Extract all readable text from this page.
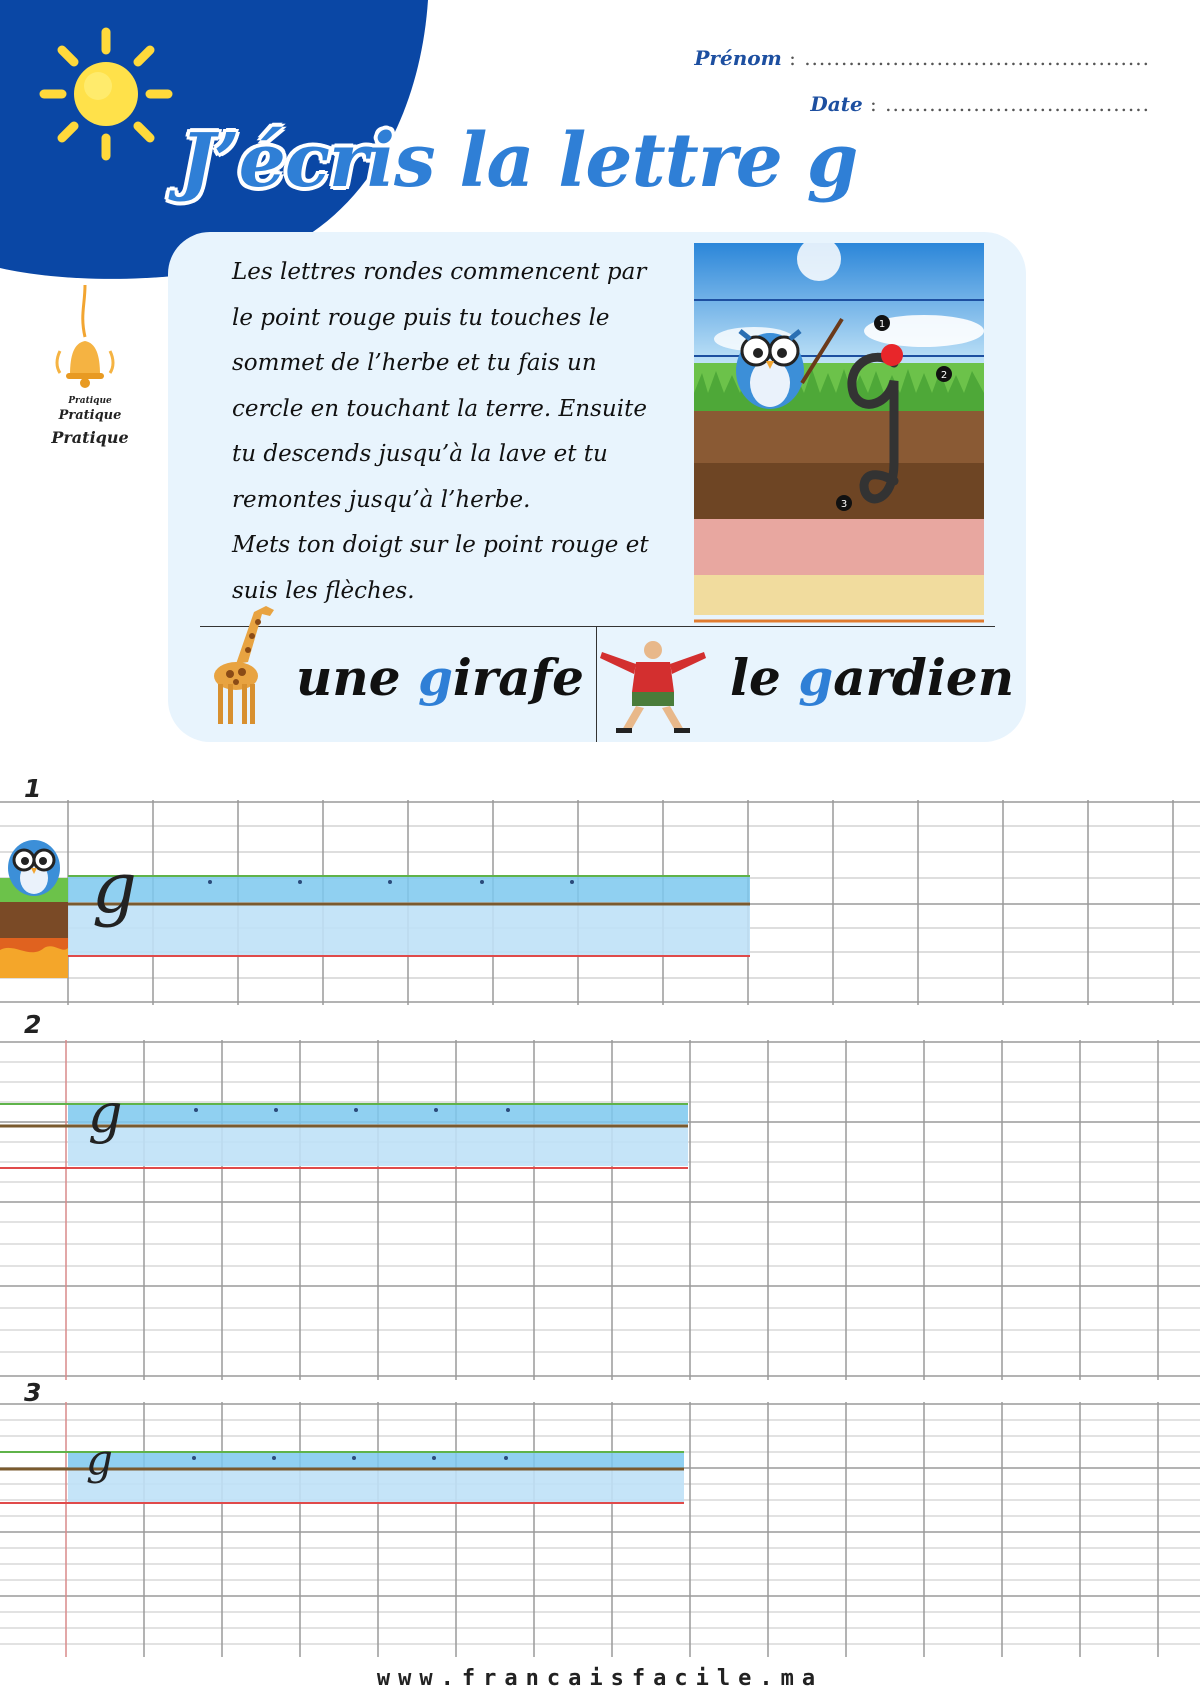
J’écris la lettre g
Prénom : ...............................................
Date : ....................................
Pratique
Pratique
Pratique
Les lettres rondes commencent par
le point rouge puis tu touches le
sommet de l’herbe et tu fais un
cercle en touchant la terre. Ensuite
tu descends jusqu’à la lave et tu
remontes jusqu’à l’herbe.
Mets ton doigt sur le point rouge et
suis les flèches.
1
2
3
une girafe	le gardien
1
g
2
g
3
g
www.francaisfacile.ma
